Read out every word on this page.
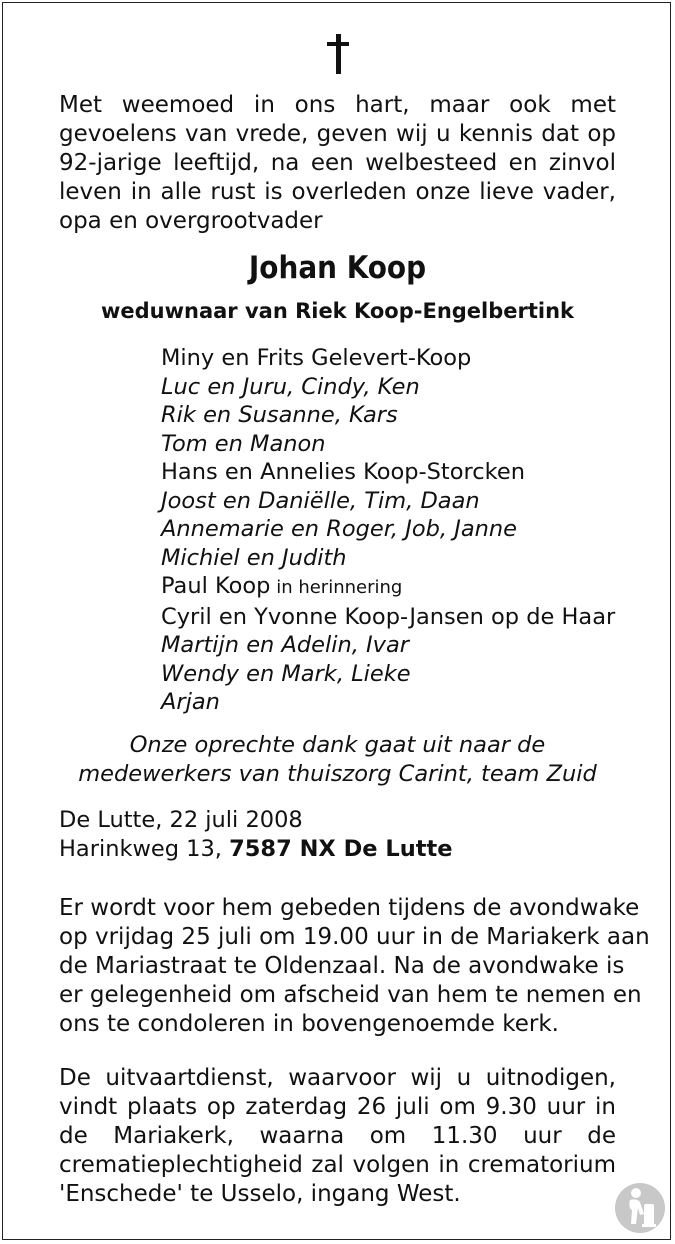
Met weemoed in ons hart, maar ook met

gevoelens van vrede, geven wij u kennis dat op

92-jarige leeftijd, na een welbesteed en zinvol

leven in alle rust is overleden onze lieve vader,

opa en overgrootvader

Johan Koop
weduwnaar van Riek Koop-Engelbertink
Miny en Frits Gelevert-Koop
Luc en Juru, Cindy, Ken
Rik en Susanne, Kars
Tom en Manon
Hans en Annelies Koop-Storcken
Joost en Daniëlle, Tim, Daan
Annemarie en Roger, Job, Janne
Michiel en Judith
Paul Koop in herinnering
Cyril en Yvonne Koop-Jansen op de Haar
Martijn en Adelin, Ivar
Wendy en Mark, Lieke
Arjan
Onze oprechte dank gaat uit naar de
medewerkers van thuiszorg Carint, team Zuid
De Lutte, 22 juli 2008
Harinkweg 13, 7587 NX De Lutte

Er wordt voor hem gebeden tijdens de avondwake

op vrijdag 25 juli om 19.00 uur in de Mariakerk aan

de Mariastraat te Oldenzaal. Na de avondwake is

er gelegenheid om afscheid van hem te nemen en

ons te condoleren in bovengenoemde kerk.

De uitvaartdienst, waarvoor wij u uitnodigen,

vindt plaats op zaterdag 26 juli om 9.30 uur in

de Mariakerk, waarna om 11.30 uur de

crematieplechtigheid zal volgen in crematorium

'Enschede' te Usselo, ingang West.
